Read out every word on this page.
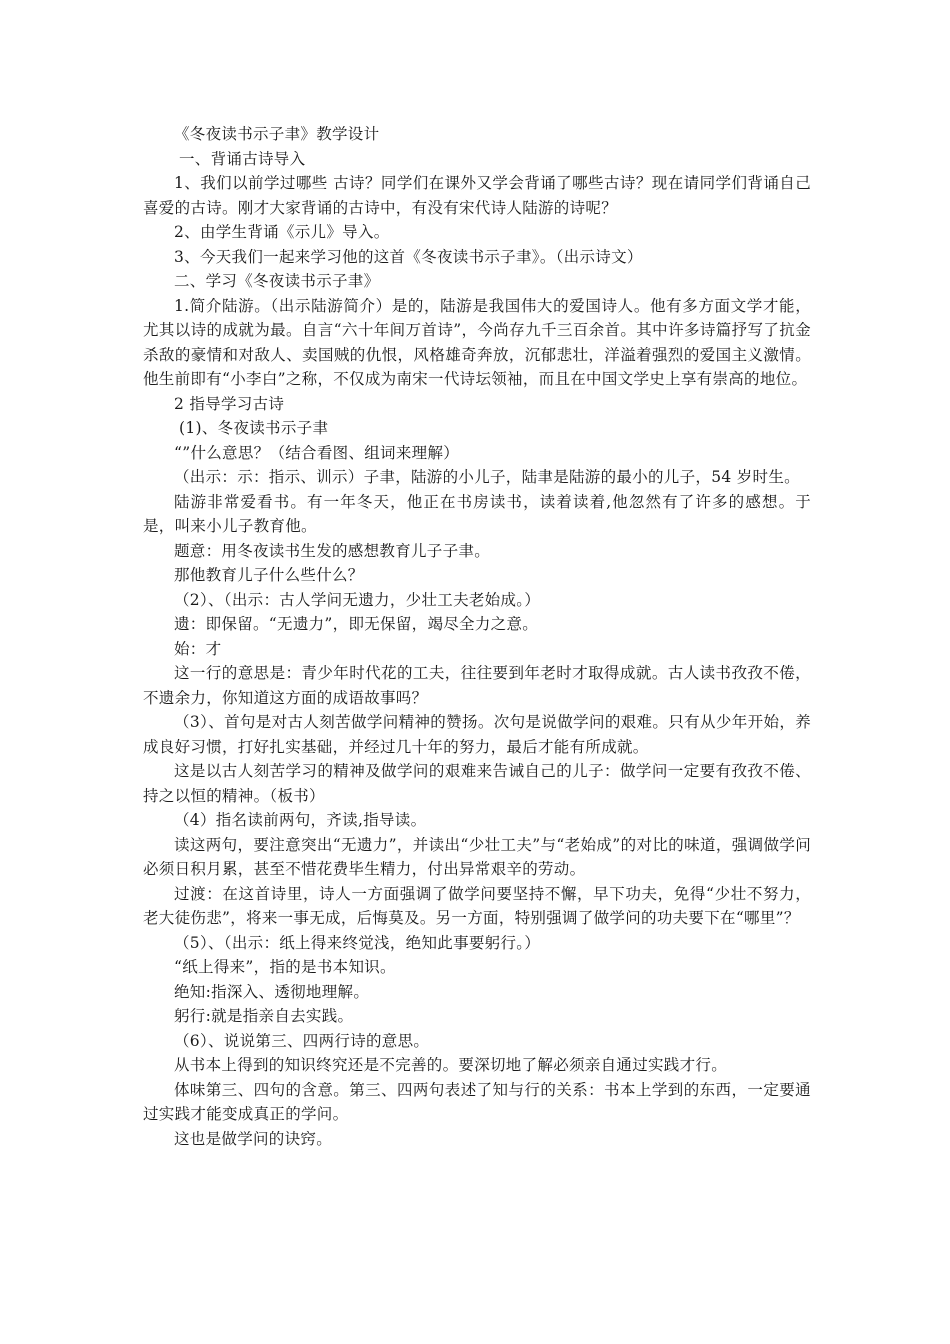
《冬夜读书示子聿》教学设计

一、背诵古诗导入

1、我们以前学过哪些 古诗？同学们在课外又学会背诵了哪些古诗？现在请同学们背诵自己喜爱的古诗。刚才大家背诵的古诗中，有没有宋代诗人陆游的诗呢？

2、由学生背诵《示儿》导入。

3、今天我们一起来学习他的这首《冬夜读书示子聿》。（出示诗文）

二、学习《冬夜读书示子聿》

1.简介陆游。（出示陆游简介）是的，陆游是我国伟大的爱国诗人。他有多方面文学才能，尤其以诗的成就为最。自言“六十年间万首诗”，今尚存九千三百余首。其中许多诗篇抒写了抗金杀敌的豪情和对敌人、卖国贼的仇恨，风格雄奇奔放，沉郁悲壮，洋溢着强烈的爱国主义激情。他生前即有“小李白”之称，不仅成为南宋一代诗坛领袖，而且在中国文学史上享有崇高的地位。

2 指导学习古诗

(1)、冬夜读书示子聿

“”什么意思？（结合看图、组词来理解）

（出示：示：指示、训示）子聿，陆游的小儿子，陆聿是陆游的最小的儿子，54 岁时生。

陆游非常爱看书。有一年冬天，他正在书房读书，读着读着,他忽然有了许多的感想。于是，叫来小儿子教育他。

题意：用冬夜读书生发的感想教育儿子子聿。

那他教育儿子什么些什么？

（2）、（出示：古人学问无遗力，少壮工夫老始成。）

遗：即保留。“无遗力”，即无保留，竭尽全力之意。

始：才

这一行的意思是：青少年时代花的工夫，往往要到年老时才取得成就。古人读书孜孜不倦，不遗余力，你知道这方面的成语故事吗？

（3）、首句是对古人刻苦做学问精神的赞扬。次句是说做学问的艰难。只有从少年开始，养成良好习惯，打好扎实基础，并经过几十年的努力，最后才能有所成就。

这是以古人刻苦学习的精神及做学问的艰难来告诫自己的儿子：做学问一定要有孜孜不倦、持之以恒的精神。（板书）

（4）指名读前两句，齐读,指导读。

读这两句，要注意突出“无遗力”，并读出“少壮工夫”与“老始成”的对比的味道，强调做学问必须日积月累，甚至不惜花费毕生精力，付出异常艰辛的劳动。

过渡：在这首诗里，诗人一方面强调了做学问要坚持不懈，早下功夫，免得“少壮不努力，老大徒伤悲”，将来一事无成，后悔莫及。另一方面，特别强调了做学问的功夫要下在“哪里”？

（5）、（出示：纸上得来终觉浅，绝知此事要躬行。）

“纸上得来”，指的是书本知识。

绝知:指深入、透彻地理解。

躬行:就是指亲自去实践。

（6）、说说第三、四两行诗的意思。

从书本上得到的知识终究还是不完善的。要深切地了解必须亲自通过实践才行。

体味第三、四句的含意。第三、四两句表述了知与行的关系：书本上学到的东西，一定要通过实践才能变成真正的学问。

这也是做学问的诀窍。
